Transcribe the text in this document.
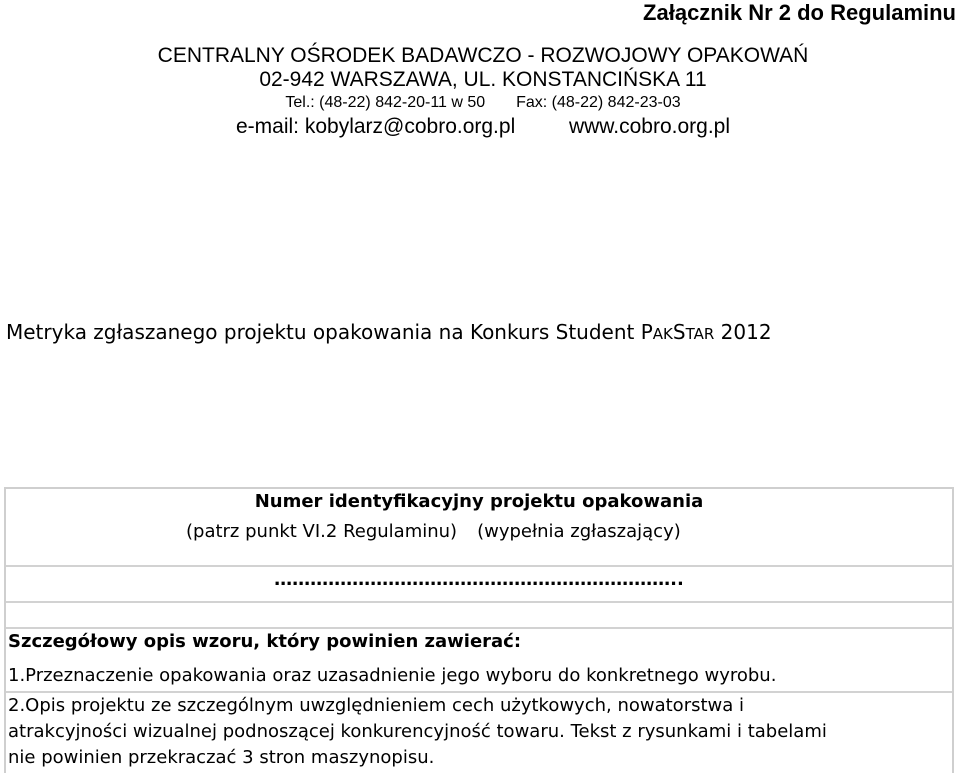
Załącznik Nr 2 do Regulaminu
CENTRALNY OŚRODEK BADAWCZO - ROZWOJOWY OPAKOWAŃ
02-942 WARSZAWA, UL. KONSTANCIŃSKA 11
Tel.: (48-22) 842-20-11 w 50 Fax: (48-22) 842-23-03
e-mail: kobylarz@cobro.org.pl	www.cobro.org.pl
Metryka zgłaszanego projektu opakowania na Konkurs Student PAKSTAR 2012
Numer identyfikacyjny projektu opakowania
(patrz punkt VI.2 Regulaminu) (wypełnia zgłaszający)
…………………………………………………………..
Szczegółowy opis wzoru, który powinien zawierać:
1.Przeznaczenie opakowania oraz uzasadnienie jego wyboru do konkretnego wyrobu.
2.Opis projektu ze szczególnym uwzględnieniem cech użytkowych, nowatorstwa i
atrakcyjności wizualnej podnoszącej konkurencyjność towaru. Tekst z rysunkami i tabelami
nie powinien przekraczać 3 stron maszynopisu.
